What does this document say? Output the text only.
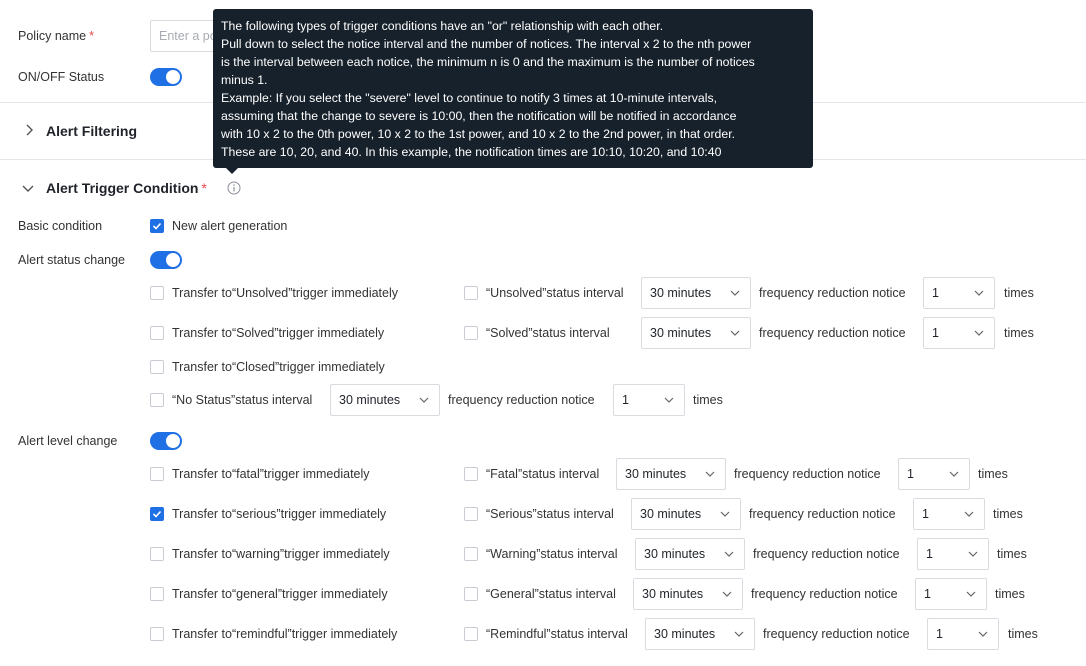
Policy name *
Enter a policy name
ON/OFF Status
Alert Filtering
Alert Trigger Condition *
Basic condition	New alert generation
Alert status change
Transfer to“Unsolved”trigger immediately	“Unsolved”status interval 30 minutes	frequency reduction notice 1	times
Transfer to“Solved”trigger immediately	“Solved”status interval	30 minutes	frequency reduction notice 1	times
Transfer to“Closed”trigger immediately
“No Status”status interval 30 minutes	frequency reduction notice 1	times
Alert level change
Transfer to“fatal”trigger immediately	“Fatal”status interval 30 minutes	frequency reduction notice 1	times
Transfer to“serious”trigger immediately	“Serious”status interval 30 minutes	frequency reduction notice 1	times
Transfer to“warning”trigger immediately	“Warning”status interval 30 minutes	frequency reduction notice 1	times
Transfer to“general”trigger immediately	“General”status interval 30 minutes	frequency reduction notice 1	times
Transfer to“remindful”trigger immediately	“Remindful”status interval 30 minutes	frequency reduction notice 1	times

The following types of trigger conditions have an "or" relationship with each other.

Pull down to select the notice interval and the number of notices. The interval x 2 to the nth power

is the interval between each notice, the minimum n is 0 and the maximum is the number of notices

minus 1.

Example: If you select the "severe" level to continue to notify 3 times at 10-minute intervals,

assuming that the change to severe is 10:00, then the notification will be notified in accordance

with 10 x 2 to the 0th power, 10 x 2 to the 1st power, and 10 x 2 to the 2nd power, in that order.

These are 10, 20, and 40. In this example, the notification times are 10:10, 10:20, and 10:40
